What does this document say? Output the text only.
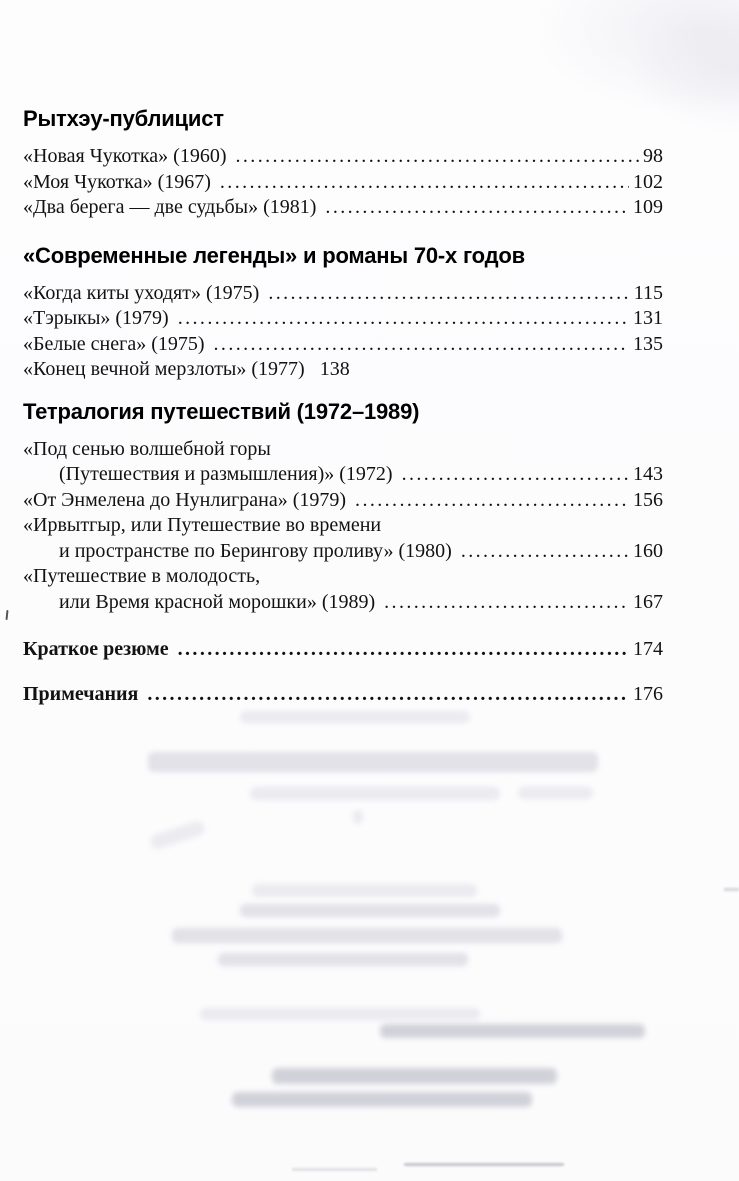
Рытхэу-публицист
«Новая Чукотка» (1960) .....	98
«Моя Чукотка» (1967) .....	102
«Два берега — две судьбы» (1981) .....	109
«Современные легенды» и романы 70-х годов
«Когда киты уходят» (1975) .....	115
«Тэрыкы» (1979) .....	131
«Белые снега» (1975) .....	135
«Конец вечной мерзлоты» (1977) 138
Тетралогия путешествий (1972–1989)
«Под сенью волшебной горы
(Путешествия и размышления)» (1972) .....	143
«От Энмелена до Нунлиграна» (1979) .....	156
«Ирвытгыр, или Путешествие во времени
и пространстве по Берингову проливу» (1980) .....	160
«Путешествие в молодость,
или Время красной морошки» (1989) .....	167
Краткое резюме .....	174
Примечания .....	176
